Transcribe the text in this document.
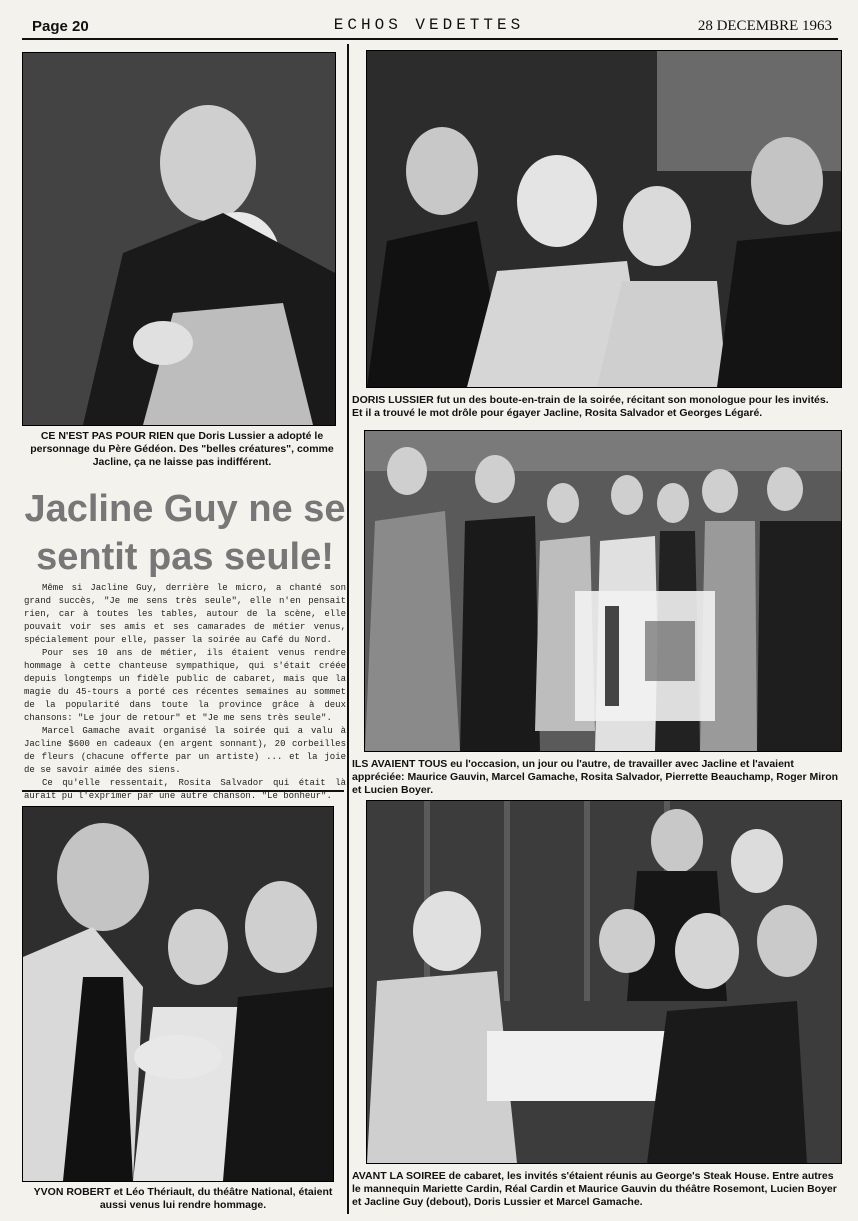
Page 20	ECHOS VEDETTES	28 DECEMBRE 1963
CE N'EST PAS POUR RIEN que Doris Lussier a adopté le personnage du Père Gédéon. Des "belles créatures", comme Jacline, ça ne laisse pas indifférent.
DORIS LUSSIER fut un des boute-en-train de la soirée, récitant son monologue pour les invités. Et il a trouvé le mot drôle pour égayer Jacline, Rosita Salvador et Georges Légaré.
Jacline Guy ne se
sentit pas seule!

Même si Jacline Guy, derrière le micro, a chanté son grand succès, "Je me sens très seule", elle n'en pensait rien, car à toutes les tables, autour de la scène, elle pouvait voir ses amis et ses camarades de métier venus, spécialement pour elle, passer la soirée au Café du Nord.

Pour ses 10 ans de métier, ils étaient venus rendre hommage à cette chanteuse sympathique, qui s'était créée depuis longtemps un fidèle public de cabaret, mais que la magie du 45-tours a porté ces récentes semaines au sommet de la popularité dans toute la province grâce à deux chansons: "Le jour de retour" et "Je me sens très seule".

Marcel Gamache avait organisé la soirée qui a valu à Jacline $600 en cadeaux (en argent sonnant), 20 corbeilles de fleurs (chacune offerte par un artiste) ... et la joie de se savoir aimée des siens.

Ce qu'elle ressentait, Rosita Salvador qui était là aurait pu l'exprimer par une autre chanson. "Le bonheur".

ILS AVAIENT TOUS eu l'occasion, un jour ou l'autre, de travailler avec Jacline et l'avaient appréciée: Maurice Gauvin, Marcel Gamache, Rosita Salvador, Pierrette Beauchamp, Roger Miron et Lucien Boyer.
YVON ROBERT et Léo Thériault, du théâtre National, étaient aussi venus lui rendre hommage.
AVANT LA SOIREE de cabaret, les invités s'étaient réunis au George's Steak House. Entre autres le mannequin Mariette Cardin, Réal Cardin et Maurice Gauvin du théâtre Rosemont, Lucien Boyer et Jacline Guy (debout), Doris Lussier et Marcel Gamache.
